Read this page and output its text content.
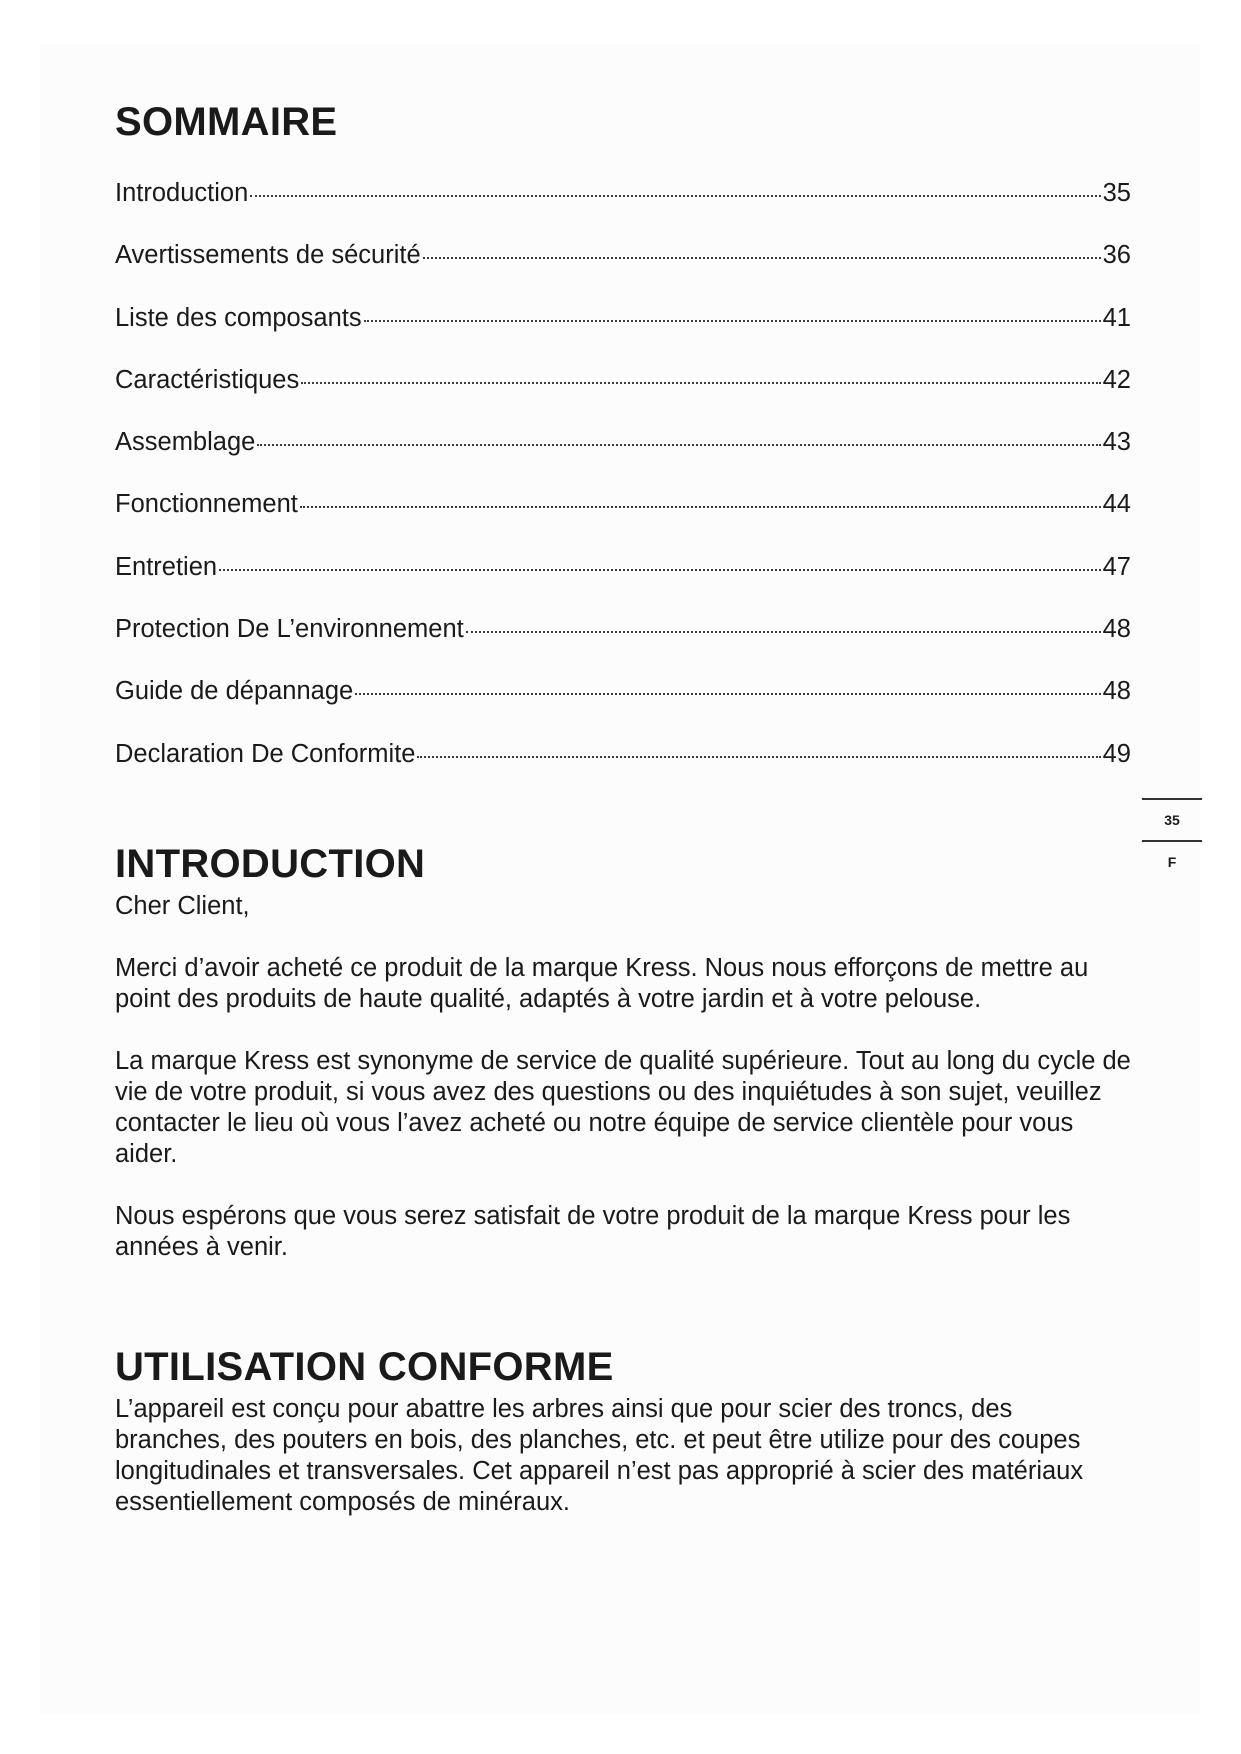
SOMMAIRE
Introduction	35
Avertissements de sécurité	36
Liste des composants	41
Caractéristiques	42
Assemblage	43
Fonctionnement	44
Entretien	47
Protection De L’environnement	48
Guide de dépannage	48
Declaration De Conformite	49
INTRODUCTION

Cher Client,

Merci d’avoir acheté ce produit de la marque Kress. Nous nous efforçons de mettre au point des produits de haute qualité, adaptés à votre jardin et à votre pelouse.

La marque Kress est synonyme de service de qualité supérieure. Tout au long du cycle de vie de votre produit, si vous avez des questions ou des inquiétudes à son sujet, veuillez contacter le lieu où vous l’avez acheté ou notre équipe de service clientèle pour vous aider.

Nous espérons que vous serez satisfait de votre produit de la marque Kress pour les années à venir.

UTILISATION CONFORME

L’appareil est conçu pour abattre les arbres ainsi que pour scier des troncs, des branches, des pouters en bois, des planches, etc. et peut être utilize pour des coupes longitudinales et transversales. Cet appareil n’est pas approprié à scier des matériaux essentiellement composés de minéraux.

35
F
